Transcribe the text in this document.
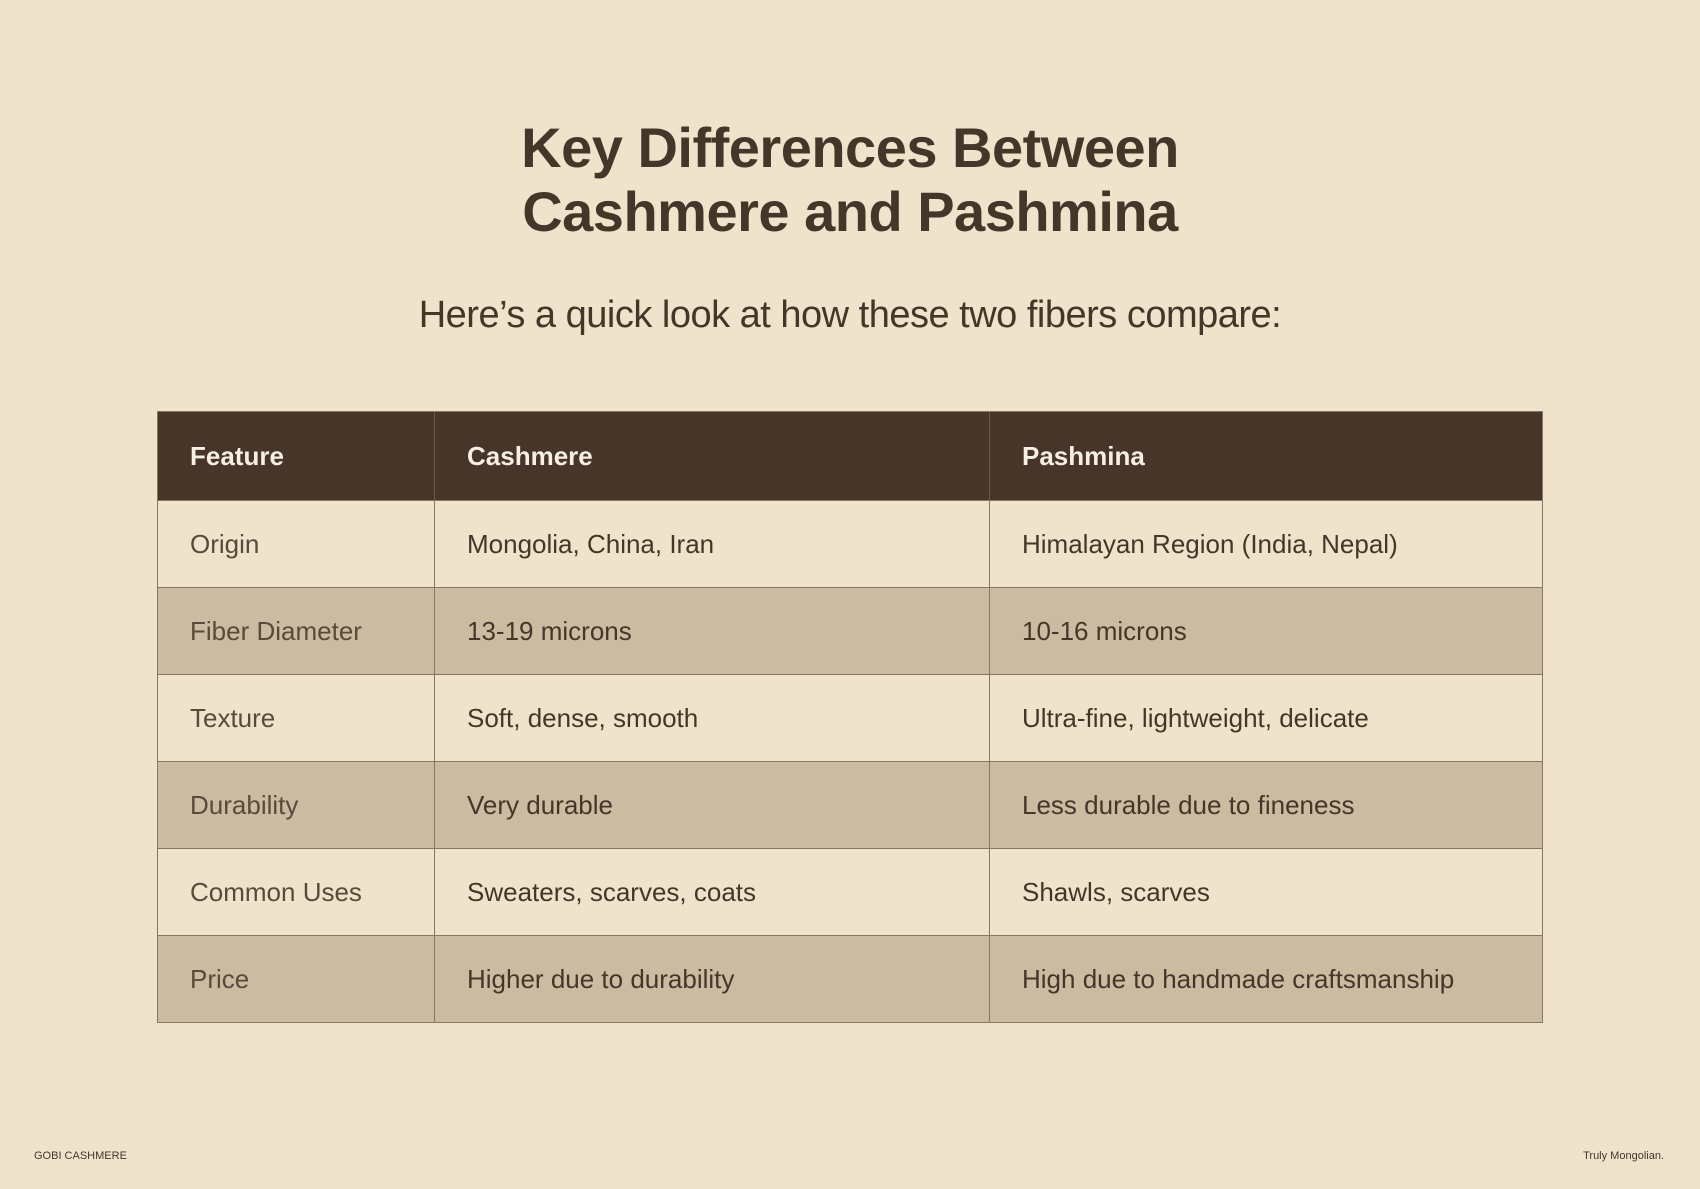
Key Differences Between
Cashmere and Pashmina
Here’s a quick look at how these two fibers compare:
Feature	Cashmere	Pashmina
Origin	Mongolia, China, Iran	Himalayan Region (India, Nepal)
Fiber Diameter	13-19 microns	10-16 microns
Texture	Soft, dense, smooth	Ultra-fine, lightweight, delicate
Durability	Very durable	Less durable due to fineness
Common Uses	Sweaters, scarves, coats	Shawls, scarves
Price	Higher due to durability	High due to handmade craftsmanship
GOBI CASHMERE	Truly Mongolian.
